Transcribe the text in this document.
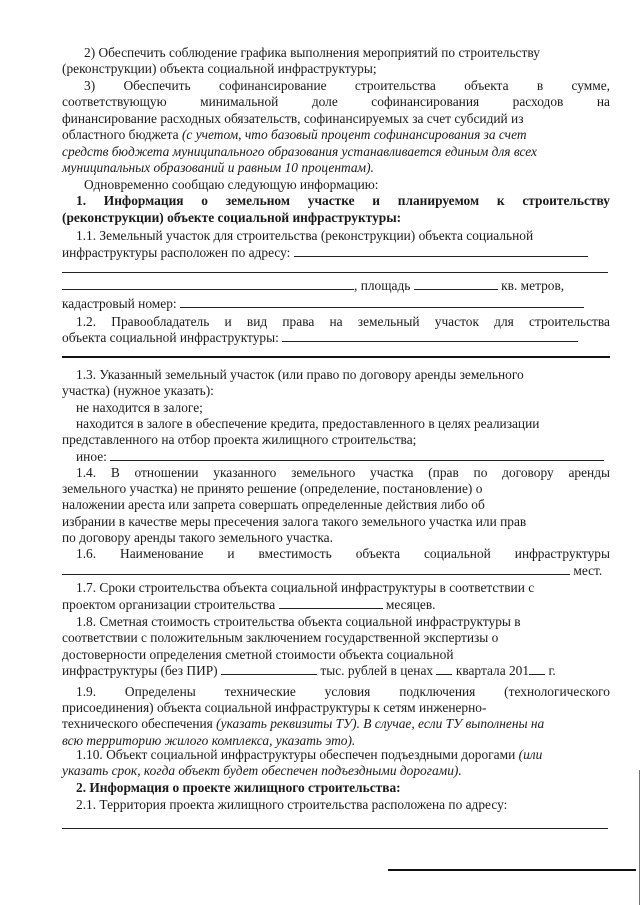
2) Обеспечить соблюдение графика выполнения мероприятий по строительству
(реконструкции) объекта социальной инфраструктуры;
3) Обеспечить софинансирование строительства объекта в сумме,
соответствующую минимальной доле софинансирования расходов на
финансирование расходных обязательств, софинансируемых за счет субсидий из
областного бюджета (с учетом, что базовый процент софинансирования за счет
средств бюджета муниципального образования устанавливается единым для всех
муниципальных образований и равным 10 процентам).
Одновременно сообщаю следующую информацию:
1. Информация о земельном участке и планируемом к строительству
(реконструкции) объекте социальной инфраструктуры:
1.1. Земельный участок для строительства (реконструкции) объекта социальной
инфраструктуры расположен по адресу:
, площадь	кв. метров,
кадастровый номер:
1.2. Правообладатель и вид права на земельный участок для строительства
объекта социальной инфраструктуры:
1.3. Указанный земельный участок (или право по договору аренды земельного
участка) (нужное указать):
не находится в залоге;
находится в залоге в обеспечение кредита, предоставленного в целях реализации
представленного на отбор проекта жилищного строительства;
иное:
1.4. В отношении указанного земельного участка (прав по договору аренды
земельного участка) не принято решение (определение, постановление) о
наложении ареста или запрета совершать определенные действия либо об
избрании в качестве меры пресечения залога такого земельного участка или прав
по договору аренды такого земельного участка.
1.6. Наименование и вместимость объекта социальной инфраструктуры
мест.
1.7. Сроки строительства объекта социальной инфраструктуры в соответствии с
проектом организации строительства	месяцев.
1.8. Сметная стоимость строительства объекта социальной инфраструктуры в
соответствии с положительным заключением государственной экспертизы о
достоверности определения сметной стоимости объекта социальной
инфраструктуры (без ПИР)	тыс. рублей в ценах квартала 201 г.
1.9. Определены технические условия подключения (технологического
присоединения) объекта социальной инфраструктуры к сетям инженерно-
технического обеспечения (указать реквизиты ТУ). В случае, если ТУ выполнены на
всю территорию жилого комплекса, указать это).
1.10. Объект социальной инфраструктуры обеспечен подъездными дорогами (или
указать срок, когда объект будет обеспечен подъездными дорогами).
2. Информация о проекте жилищного строительства:
2.1. Территория проекта жилищного строительства расположена по адресу:
